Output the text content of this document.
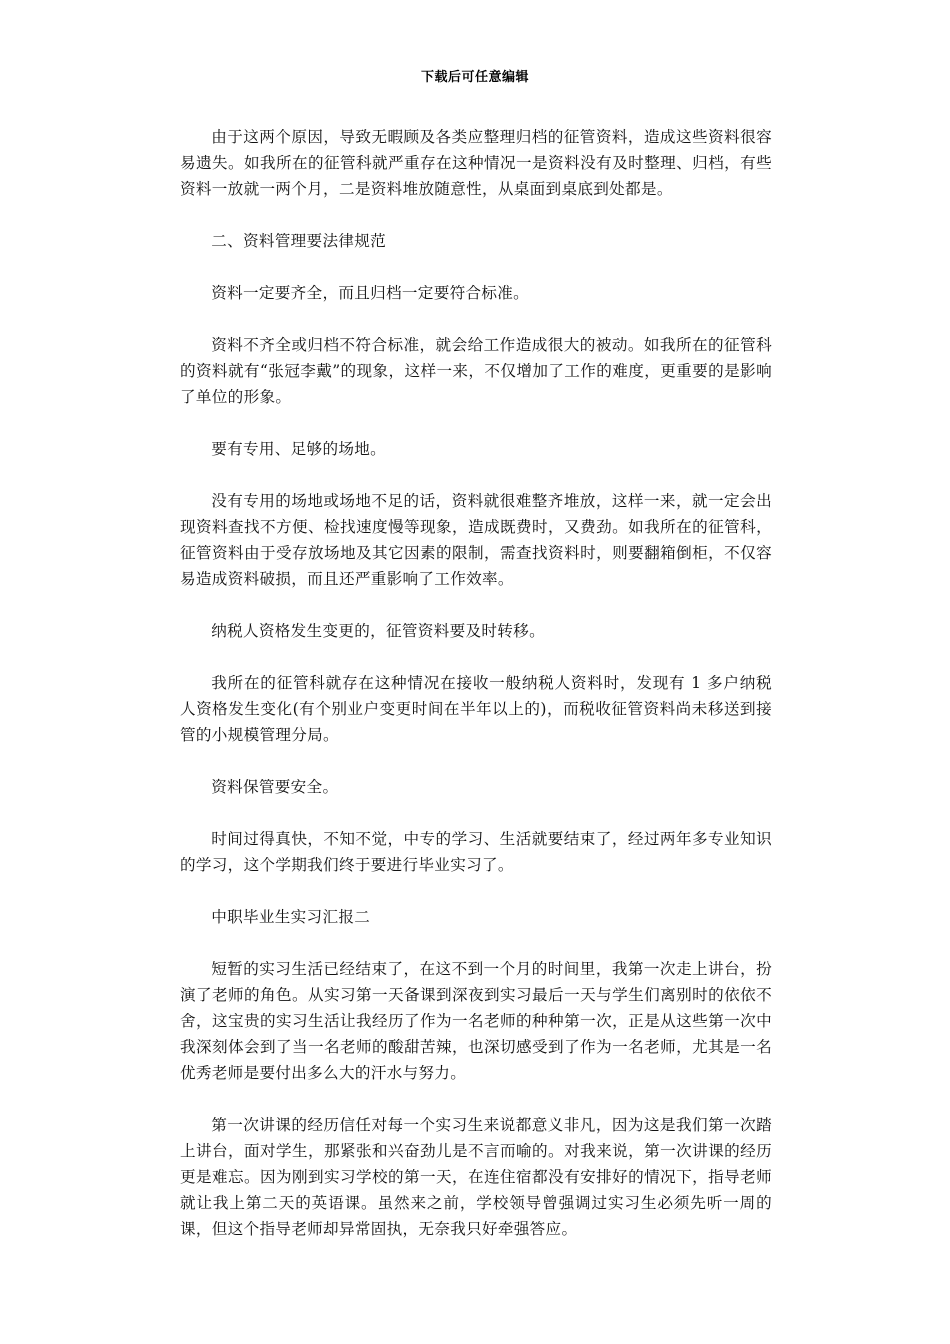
下载后可任意编辑

由于这两个原因，导致无暇顾及各类应整理归档的征管资料，造成这些资料很容易遗失。如我所在的征管科就严重存在这种情况一是资料没有及时整理、归档，有些资料一放就一两个月，二是资料堆放随意性，从桌面到桌底到处都是。

二、资料管理要法律规范

资料一定要齐全，而且归档一定要符合标准。

资料不齐全或归档不符合标准，就会给工作造成很大的被动。如我所在的征管科的资料就有“张冠李戴”的现象，这样一来，不仅增加了工作的难度，更重要的是影响了单位的形象。

要有专用、足够的场地。

没有专用的场地或场地不足的话，资料就很难整齐堆放，这样一来，就一定会出现资料查找不方便、检找速度慢等现象，造成既费时，又费劲。如我所在的征管科，征管资料由于受存放场地及其它因素的限制，需查找资料时，则要翻箱倒柜，不仅容易造成资料破损，而且还严重影响了工作效率。

纳税人资格发生变更的，征管资料要及时转移。

我所在的征管科就存在这种情况在接收一般纳税人资料时，发现有 1 多户纳税人资格发生变化(有个别业户变更时间在半年以上的)，而税收征管资料尚未移送到接管的小规模管理分局。

资料保管要安全。

时间过得真快，不知不觉，中专的学习、生活就要结束了，经过两年多专业知识的学习，这个学期我们终于要进行毕业实习了。

中职毕业生实习汇报二

短暂的实习生活已经结束了，在这不到一个月的时间里，我第一次走上讲台，扮演了老师的角色。从实习第一天备课到深夜到实习最后一天与学生们离别时的依依不舍，这宝贵的实习生活让我经历了作为一名老师的种种第一次，正是从这些第一次中我深刻体会到了当一名老师的酸甜苦辣，也深切感受到了作为一名老师，尤其是一名优秀老师是要付出多么大的汗水与努力。

第一次讲课的经历信任对每一个实习生来说都意义非凡，因为这是我们第一次踏上讲台，面对学生，那紧张和兴奋劲儿是不言而喻的。对我来说，第一次讲课的经历更是难忘。因为刚到实习学校的第一天，在连住宿都没有安排好的情况下，指导老师就让我上第二天的英语课。虽然来之前，学校领导曾强调过实习生必须先听一周的课，但这个指导老师却异常固执，无奈我只好牵强答应。
